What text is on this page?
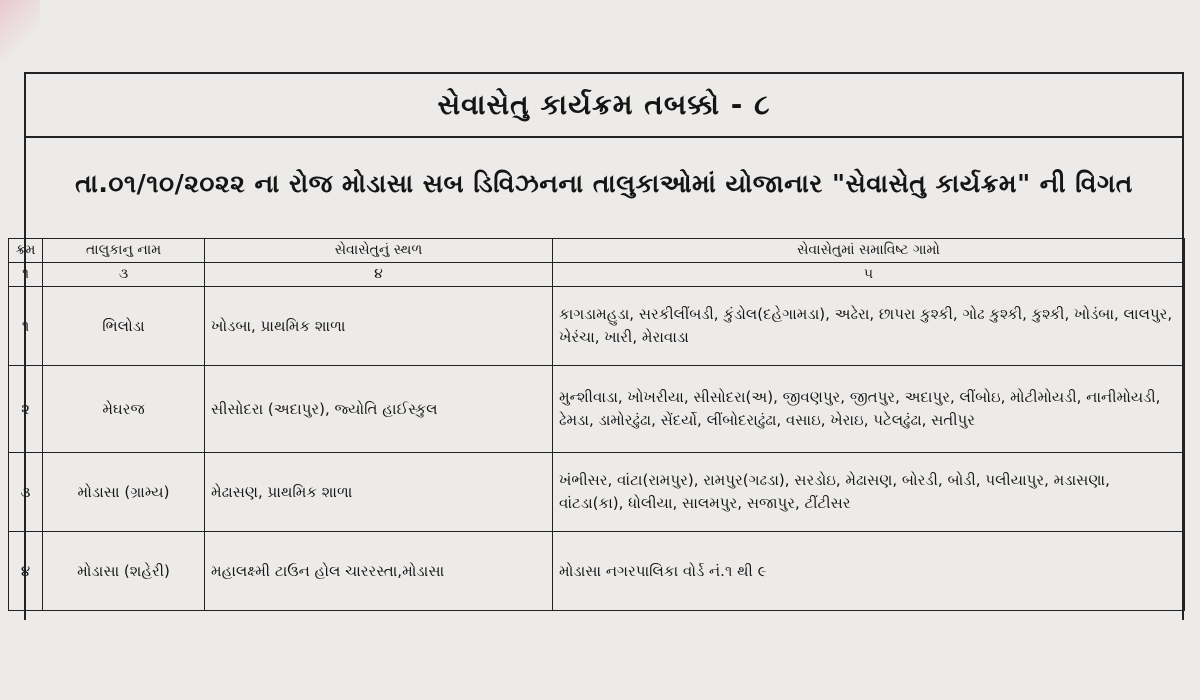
સેવાસેતુ કાર્યક્રમ તબક્કો - ૮
તા.૦૧/૧૦/૨૦૨૨ ના રોજ મોડાસા સબ ડિવિઝનના તાલુકાઓમાં યોજાનાર "સેવાસેતુ કાર્યક્રમ" ની વિગત
ક્રમ	તાલુકાનુ નામ	સેવાસેતુનું સ્થળ	સેવાસેતુમાં સમાવિષ્ટ ગામો
૧	૩	૪	૫
૧	ભિલોડા	ખોડબા, પ્રાથમિક શાળા	કાગડામહુડા, સરકીલીંબડી, કુંડોલ(દહેગામડા), અઢેરા, છાપરા કુશ્કી, ગોઢ કુશ્કી, કુશ્કી, ખોડંબા, લાલપુર, ખેરંચા, ખારી, મેરાવાડા
૨	મેઘરજ	સીસોદરા (અદાપુર), જ્યોતિ હાઈસ્કુલ	મુન્શીવાડા, ખોખરીયા, સીસોદરા(અ), જીવણપુર, જીતપુર, અદાપુર, લીંબોઇ, મોટીમોયડી, નાનીમોયડી, ઢેમડા, ડામોરઢુંઢા, સેંદર્યો, લીંબોદરાઢુંઢા, વસાઇ, ખેરાઇ, પટેલઢુંઢા, સતીપુર
૩	મોડાસા (ગ્રામ્ય)	મેઢાસણ, પ્રાથમિક શાળા	ખંભીસર, વાંટા(રામપુર), રામપુર(ગઢડા), સરડોઇ, મેઢાસણ, બોરડી, બોડી, પલીયાપુર, મડાસણા, વાંટડા(કા), ધોલીયા, સાલમપુર, સજાપુર, ટીંટીસર
૪	મોડાસા (શહેરી)	મહાલક્ષ્મી ટાઉન હોલ ચારરસ્તા,મોડાસા	મોડાસા નગરપાલિકા વોર્ડ નં.૧ થી ૯
